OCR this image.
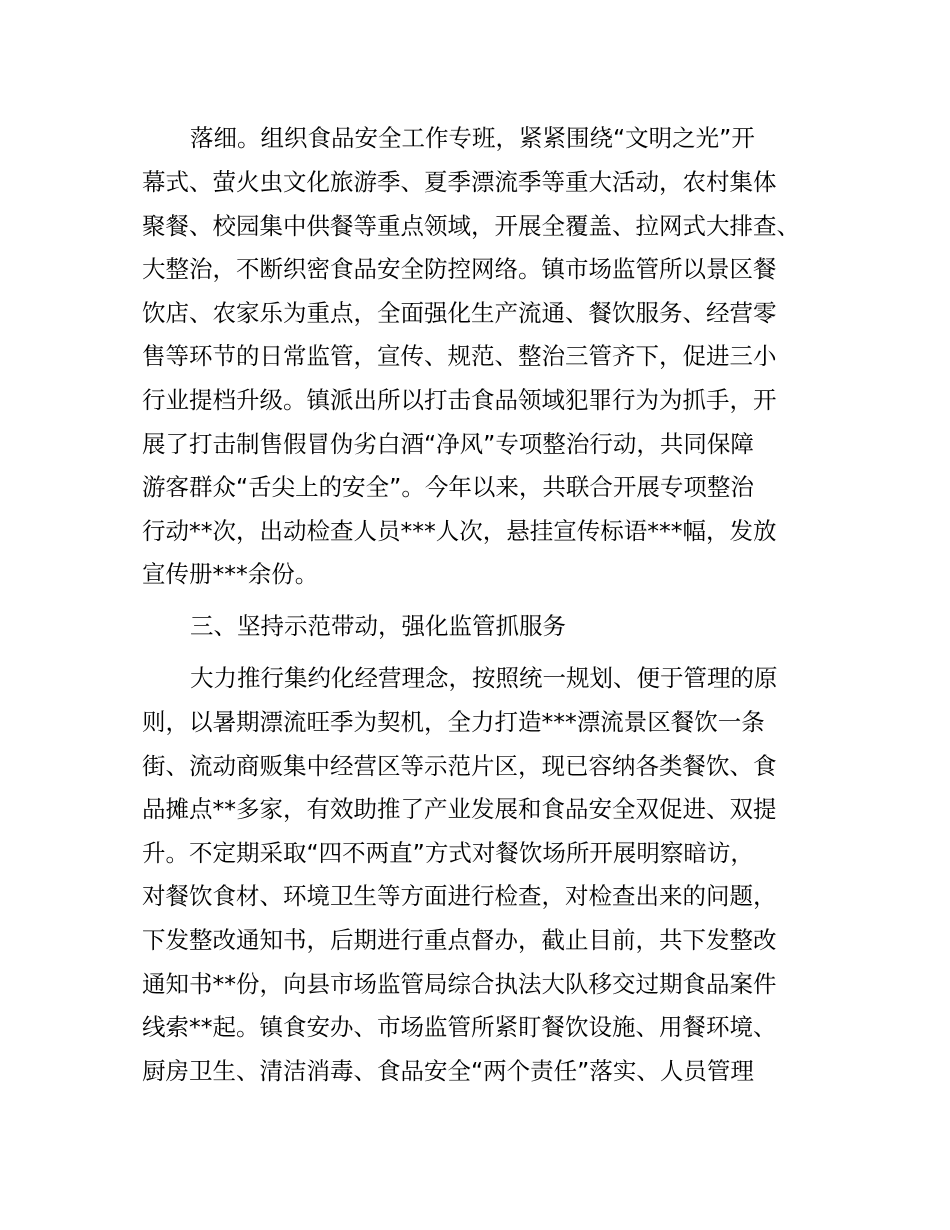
落细。组织食品安全工作专班，紧紧围绕“文明之光”开
幕式、萤火虫文化旅游季、夏季漂流季等重大活动，农村集体
聚餐、校园集中供餐等重点领域，开展全覆盖、拉网式大排查、
大整治，不断织密食品安全防控网络。镇市场监管所以景区餐
饮店、农家乐为重点，全面强化生产流通、餐饮服务、经营零
售等环节的日常监管，宣传、规范、整治三管齐下，促进三小
行业提档升级。镇派出所以打击食品领域犯罪行为为抓手，开
展了打击制售假冒伪劣白酒“净风”专项整治行动，共同保障
游客群众“舌尖上的安全”。今年以来，共联合开展专项整治
行动**次，出动检查人员***人次，悬挂宣传标语***幅，发放
宣传册***余份。
三、坚持示范带动，强化监管抓服务
大力推行集约化经营理念，按照统一规划、便于管理的原
则，以暑期漂流旺季为契机，全力打造***漂流景区餐饮一条
街、流动商贩集中经营区等示范片区，现已容纳各类餐饮、食
品摊点**多家，有效助推了产业发展和食品安全双促进、双提
升。不定期采取“四不两直”方式对餐饮场所开展明察暗访，
对餐饮食材、环境卫生等方面进行检查，对检查出来的问题，
下发整改通知书，后期进行重点督办，截止目前，共下发整改
通知书**份，向县市场监管局综合执法大队移交过期食品案件
线索**起。镇食安办、市场监管所紧盯餐饮设施、用餐环境、
厨房卫生、清洁消毒、食品安全“两个责任”落实、人员管理
